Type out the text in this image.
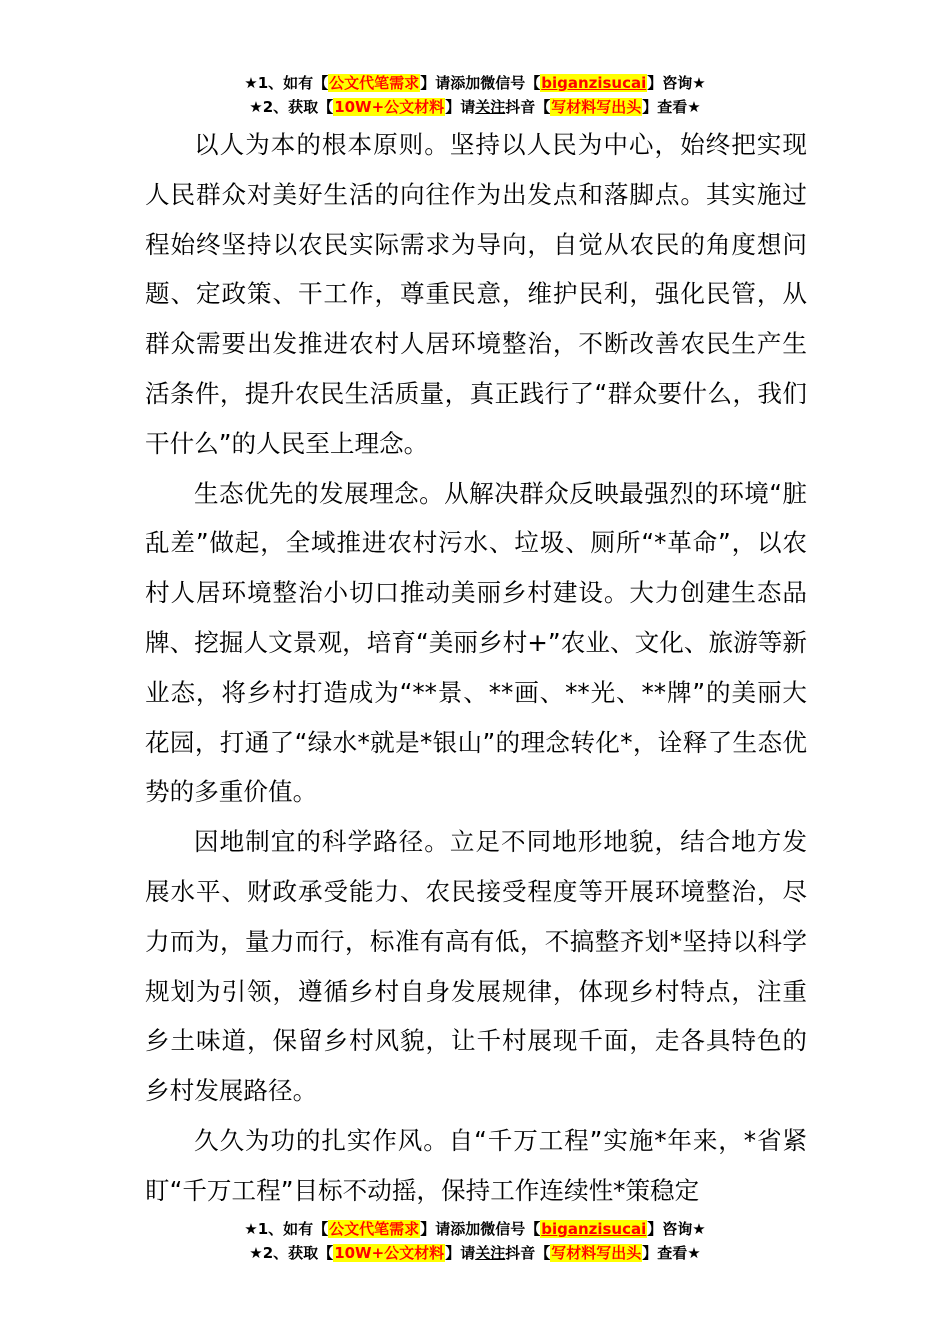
★1、如有【公文代笔需求】请添加微信号【biganzisucai】咨询★
★2、获取【10W+公文材料】请关注抖音【写材料写出头】查看★

以人为本的根本原则。坚持以人民为中心，始终把实现人民群众对美好生活的向往作为出发点和落脚点。其实施过程始终坚持以农民实际需求为导向，自觉从农民的角度想问题、定政策、干工作，尊重民意，维护民利，强化民管，从群众需要出发推进农村人居环境整治，不断改善农民生产生活条件，提升农民生活质量，真正践行了“群众要什么，我们干什么”的人民至上理念。

生态优先的发展理念。从解决群众反映最强烈的环境“脏乱差”做起，全域推进农村污水、垃圾、厕所“*革命”，以农村人居环境整治小切口推动美丽乡村建设。大力创建生态品牌、挖掘人文景观，培育“美丽乡村+”农业、文化、旅游等新业态，将乡村打造成为“**景、**画、**光、**牌”的美丽大花园，打通了“绿水*就是*银山”的理念转化*，诠释了生态优势的多重价值。

因地制宜的科学路径。立足不同地形地貌，结合地方发展水平、财政承受能力、农民接受程度等开展环境整治，尽力而为，量力而行，标准有高有低，不搞整齐划*坚持以科学规划为引领，遵循乡村自身发展规律，体现乡村特点，注重乡土味道，保留乡村风貌，让千村展现千面，走各具特色的乡村发展路径。

久久为功的扎实作风。自“千万工程”实施*年来，*省紧盯“千万工程”目标不动摇，保持工作连续性*策稳定

★1、如有【公文代笔需求】请添加微信号【biganzisucai】咨询★
★2、获取【10W+公文材料】请关注抖音【写材料写出头】查看★
